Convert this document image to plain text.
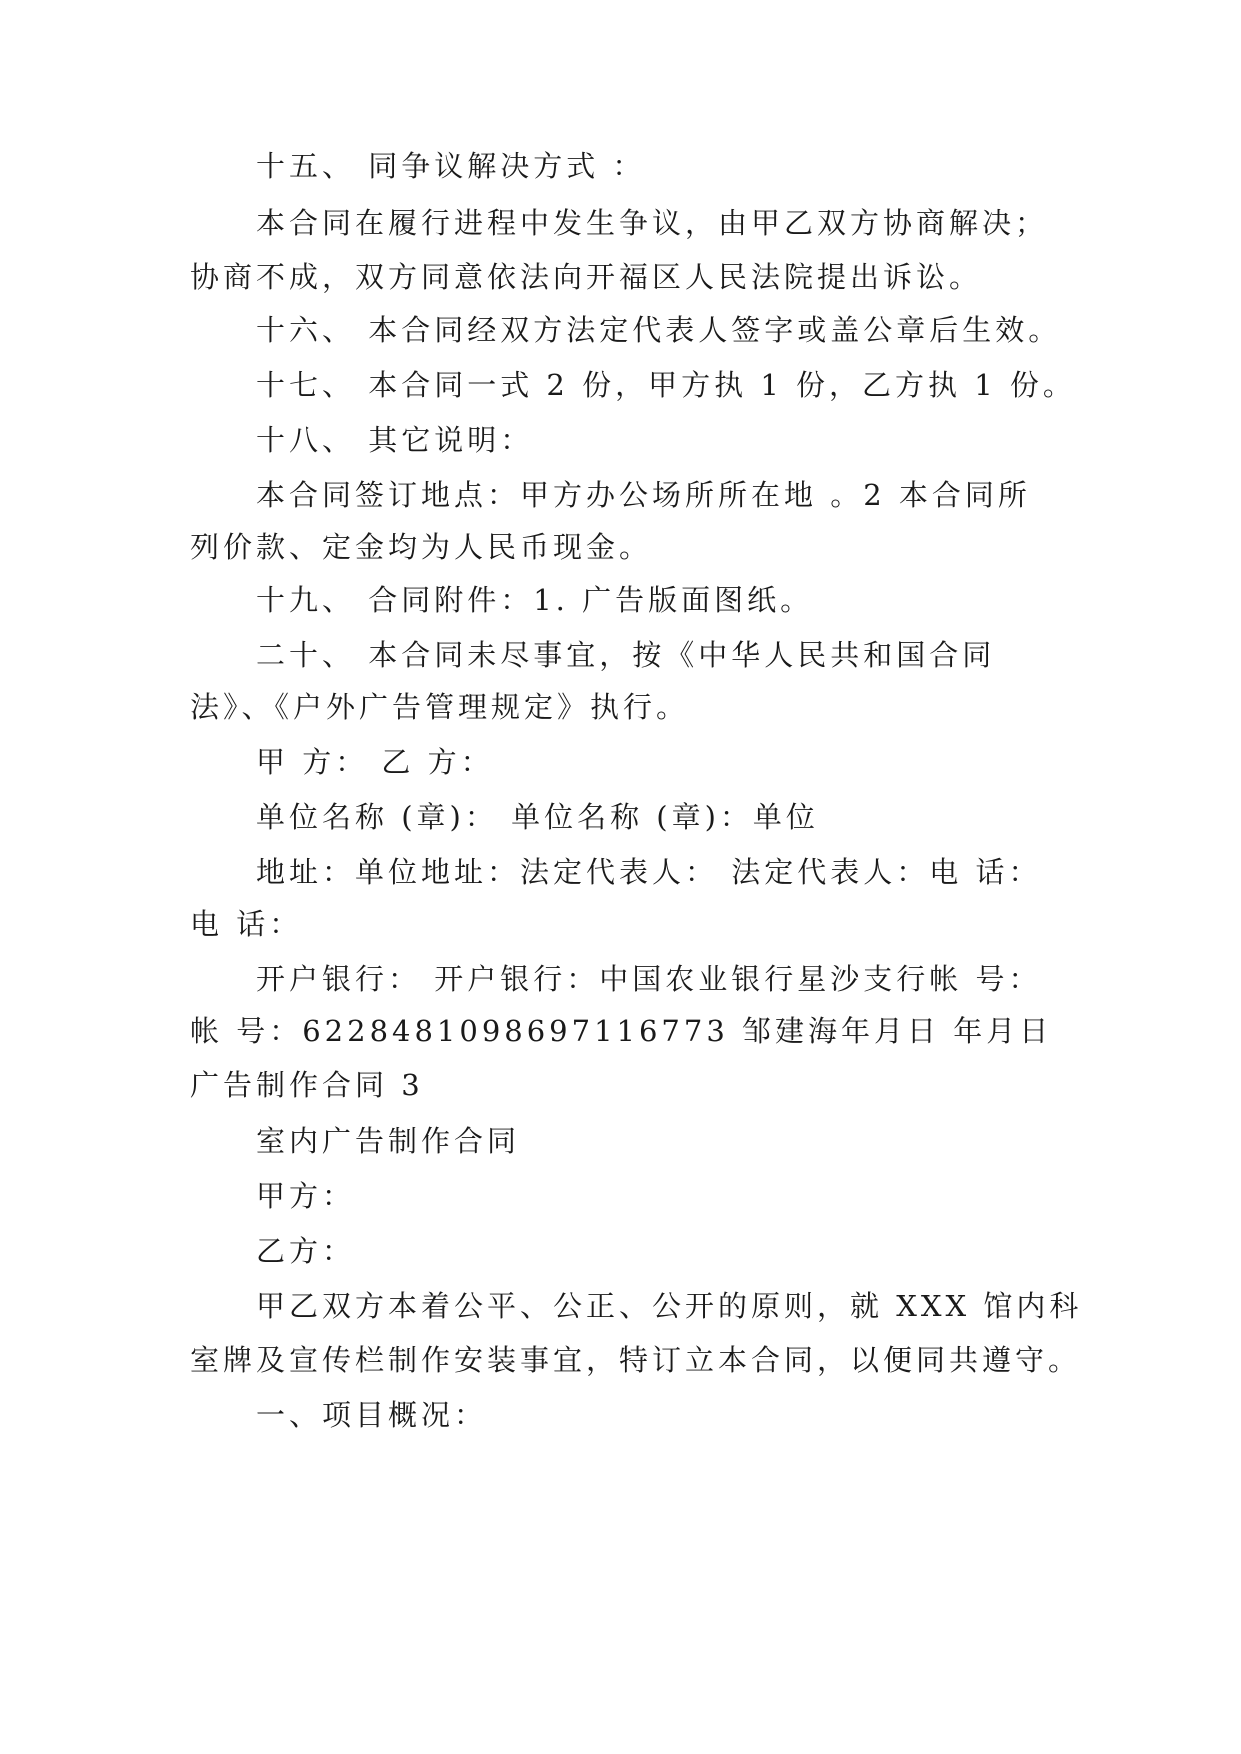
十五、 同争议解决方式 ：
本合同在履行进程中发生争议，由甲乙双方协商解决；
协商不成，双方同意依法向开福区人民法院提出诉讼。
十六、 本合同经双方法定代表人签字或盖公章后生效。
十七、 本合同一式 2 份，甲方执 1 份，乙方执 1 份。
十八、 其它说明：
本合同签订地点：甲方办公场所所在地 。2 本合同所
列价款、定金均为人民币现金。
十九、 合同附件：1. 广告版面图纸。
二十、 本合同未尽事宜，按《中华人民共和国合同
法》、《户外广告管理规定》执行。
甲 方： 乙 方：
单位名称 (章)： 单位名称 (章)：单位
地址：单位地址：法定代表人： 法定代表人：电 话：
电 话：
开户银行： 开户银行：中国农业银行星沙支行帐 号：
帐 号：6228481098697116773 邹建海年月日 年月日
广告制作合同 3
室内广告制作合同
甲方：
乙方：
甲乙双方本着公平、公正、公开的原则，就 XXX 馆内科
室牌及宣传栏制作安装事宜，特订立本合同，以便同共遵守。
一、项目概况：
